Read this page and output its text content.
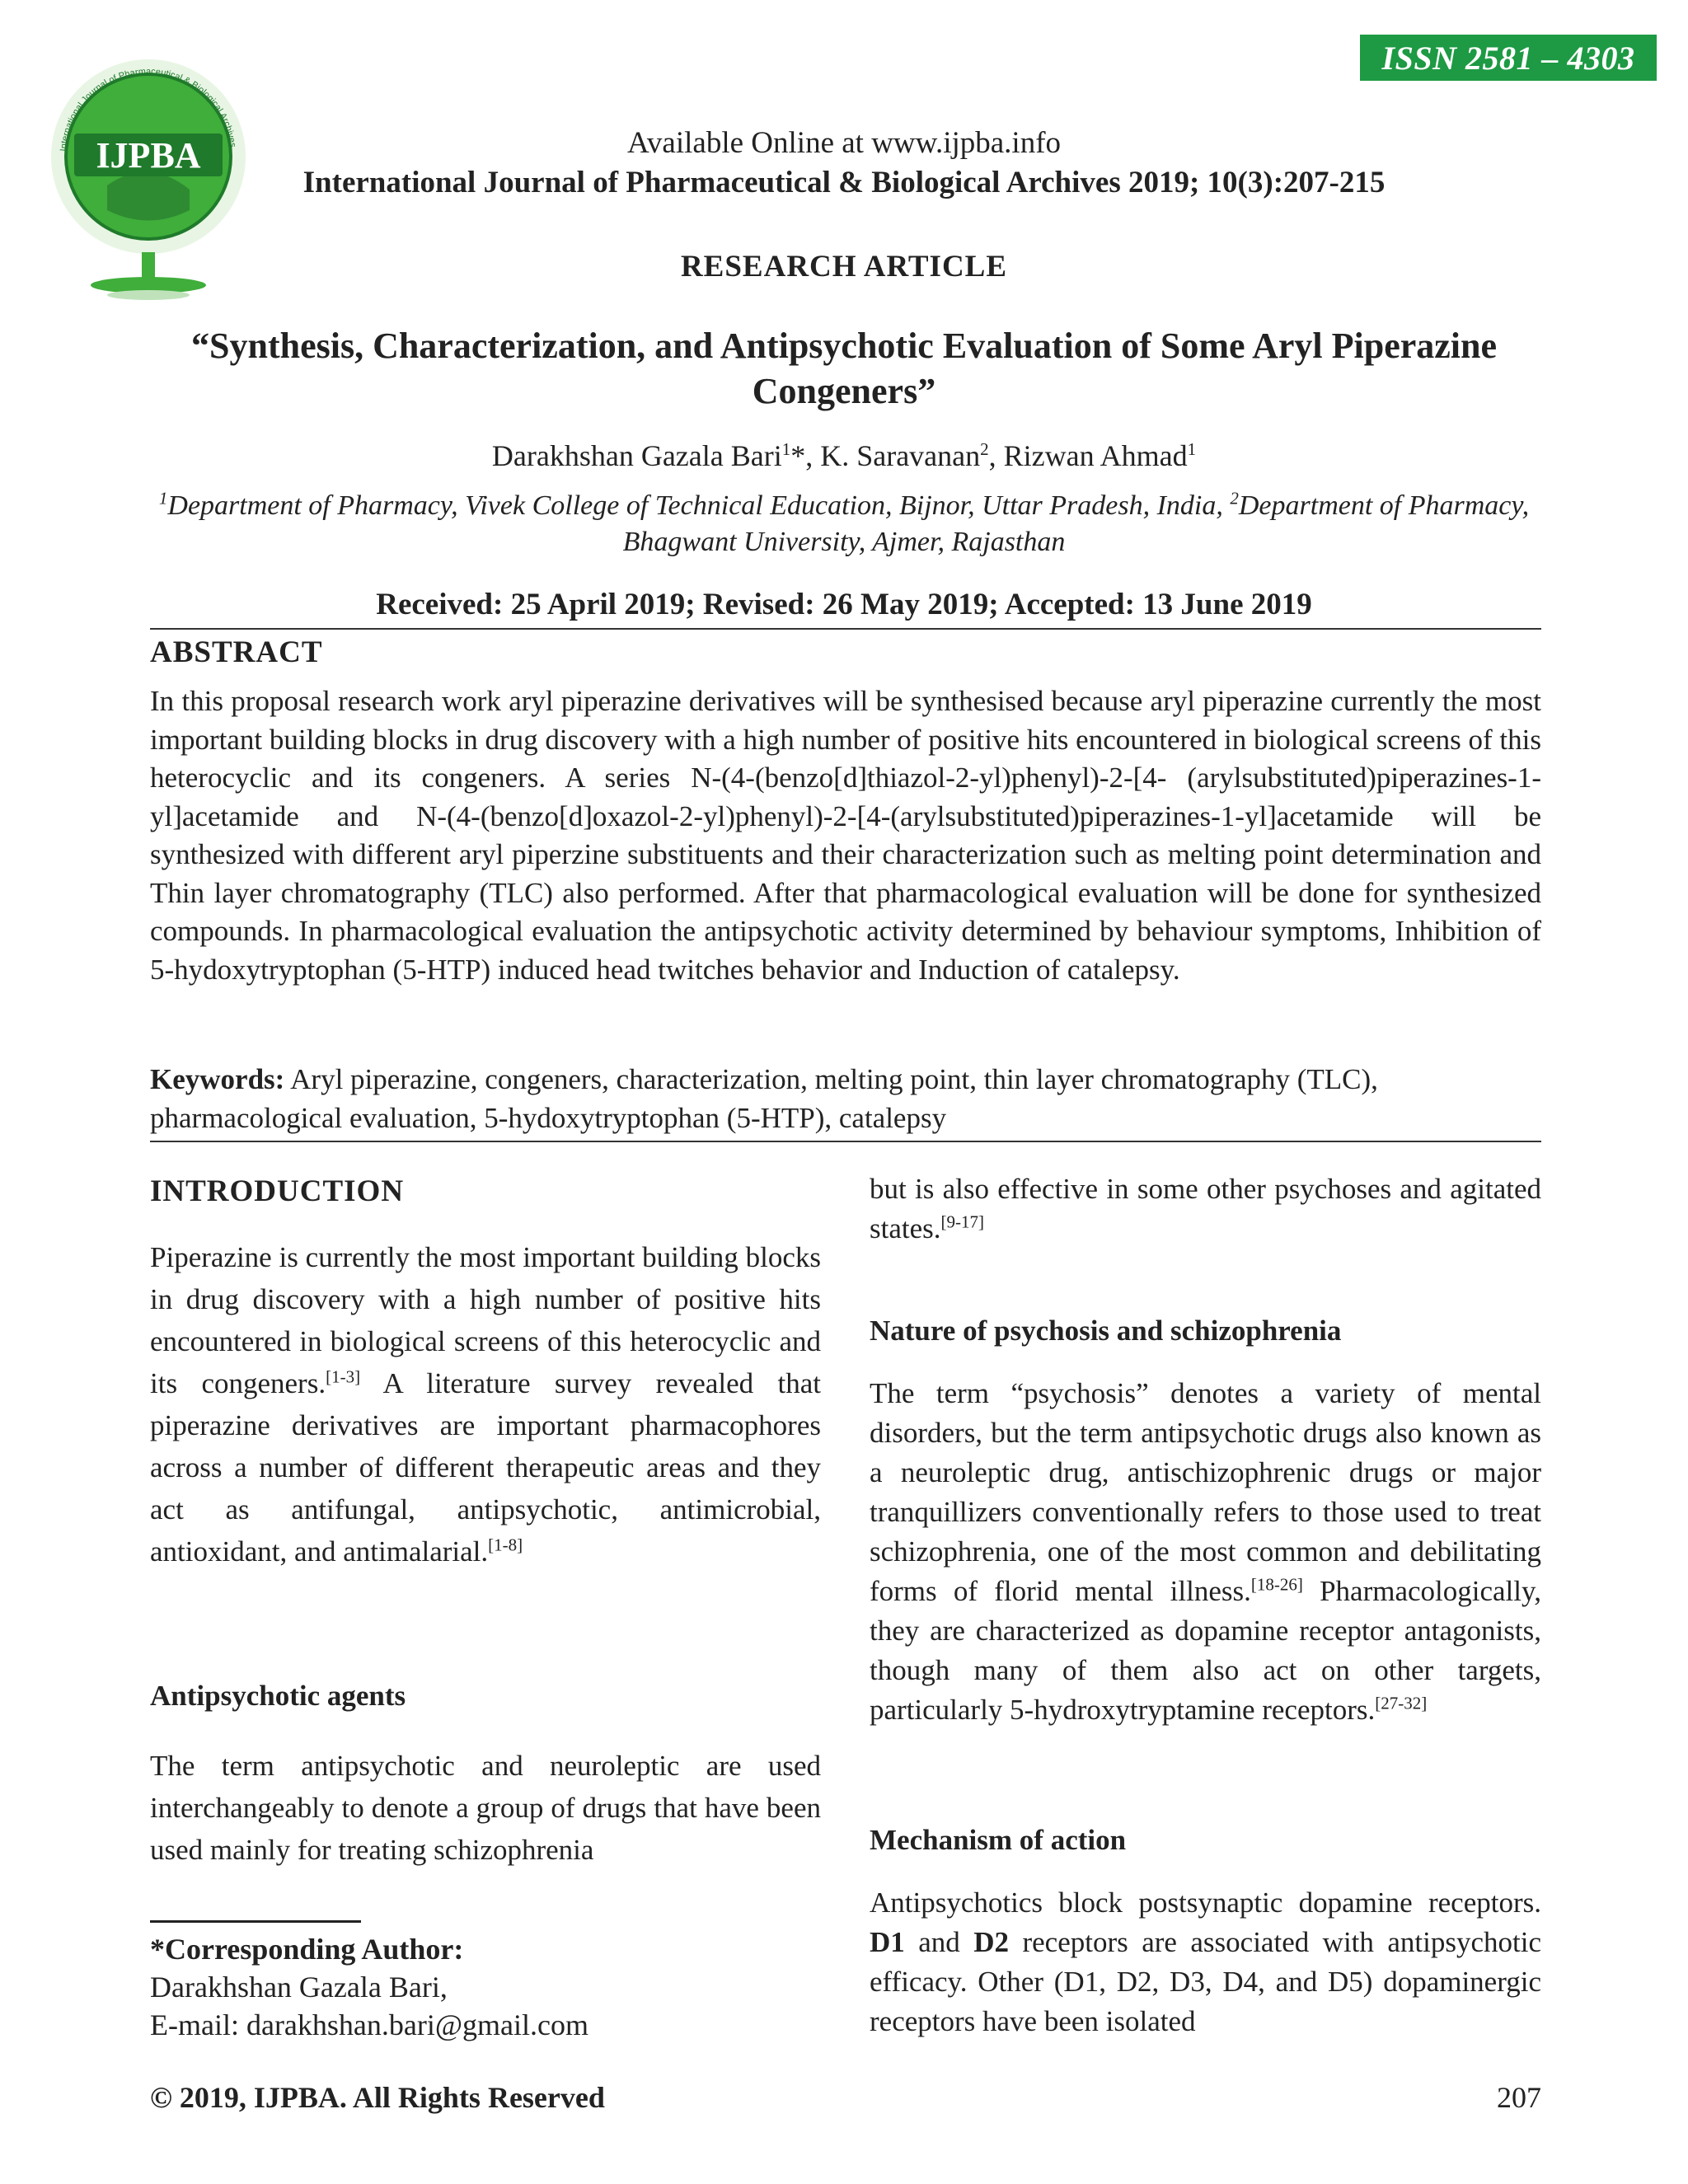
ISSN 2581 – 4303
IJPBA
International Journal of Pharmaceutical & Biological Archives	Available Online at www.ijpba.info
International Journal of Pharmaceutical & Biological Archives 2019; 10(3):207-215
RESEARCH ARTICLE
“Synthesis, Characterization, and Antipsychotic Evaluation of Some Aryl Piperazine Congeners”
Darakhshan Gazala Bari$^1$*, K. Saravanan$^2$, Rizwan Ahmad$^1$
$^1$Department of Pharmacy, Vivek College of Technical Education, Bijnor, Uttar Pradesh, India, $^2$Department of Pharmacy, Bhagwant University, Ajmer, Rajasthan
Received: 25 April 2019; Revised: 26 May 2019; Accepted: 13 June 2019
ABSTRACT

In this proposal research work aryl piperazine derivatives will be synthesised because aryl piperazine currently the most important building blocks in drug discovery with a high number of positive hits encountered in biological screens of this heterocyclic and its congeners. A series N-(4-(benzo[d]thiazol-2-yl)phenyl)-2-[4- (arylsubstituted)piperazines-1-yl]acetamide and N-(4-(benzo[d]oxazol-2-yl)phenyl)-2-[4-(arylsubstituted)piperazines-1-yl]acetamide will be synthesized with different aryl piperzine substituents and their characterization such as melting point determination and Thin layer chromatography (TLC) also performed. After that pharmacological evaluation will be done for synthesized compounds. In pharmacological evaluation the antipsychotic activity determined by behaviour symptoms, Inhibition of 5-hydoxytryptophan (5-HTP) induced head twitches behavior and Induction of catalepsy.

Keywords: Aryl piperazine, congeners, characterization, melting point, thin layer chromatography (TLC), pharmacological evaluation, 5-hydoxytryptophan (5-HTP), catalepsy

INTRODUCTION

Piperazine is currently the most important building blocks in drug discovery with a high number of positive hits encountered in biological screens of this heterocyclic and its congeners.[1-3] A literature survey revealed that piperazine derivatives are important pharmacophores across a number of different therapeutic areas and they act as antifungal, antipsychotic, antimicrobial, antioxidant, and antimalarial.[1-8]

Antipsychotic agents

The term antipsychotic and neuroleptic are used interchangeably to denote a group of drugs that have been used mainly for treating schizophrenia

*Corresponding Author:
Darakhshan Gazala Bari,
E-mail: darakhshan.bari@gmail.com

but is also effective in some other psychoses and agitated states.[9-17]

Nature of psychosis and schizophrenia

The term “psychosis” denotes a variety of mental disorders, but the term antipsychotic drugs also known as a neuroleptic drug, antischizophrenic drugs or major tranquillizers conventionally refers to those used to treat schizophrenia, one of the most common and debilitating forms of florid mental illness.[18-26] Pharmacologically, they are characterized as dopamine receptor antagonists, though many of them also act on other targets, particularly 5-hydroxytryptamine receptors.[27-32]

Mechanism of action

Antipsychotics block postsynaptic dopamine receptors. D1 and D2 receptors are associated with antipsychotic efficacy. Other (D1, D2, D3, D4, and D5) dopaminergic receptors have been isolated

© 2019, IJPBA. All Rights Reserved	207
